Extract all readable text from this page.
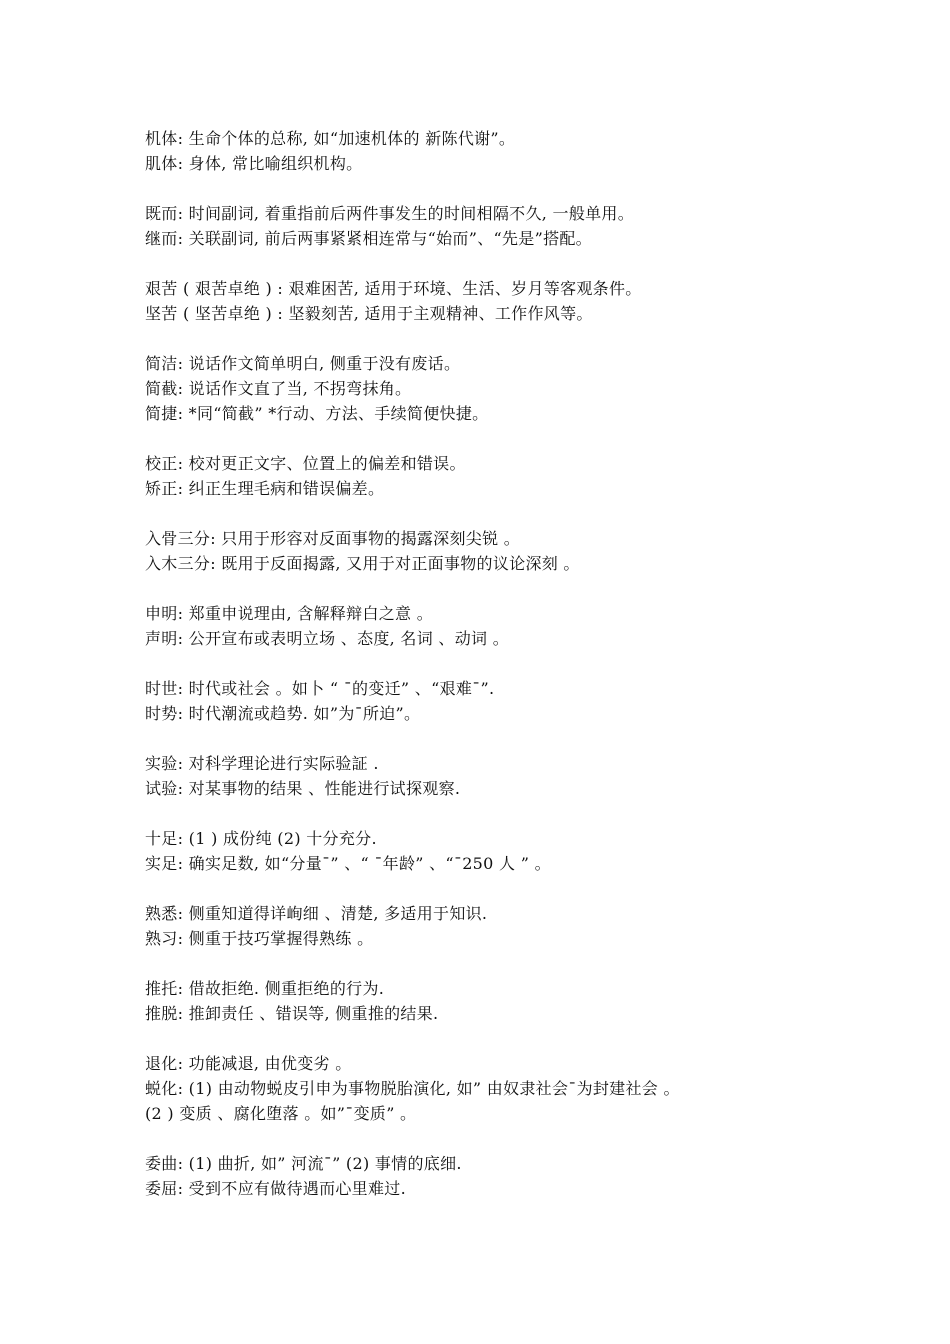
机体: 生命个体的总称, 如“加速机体的 新陈代谢”。
肌体: 身体, 常比喻组织机构。
既而: 时间副词, 着重指前后两件事发生的时间相隔不久, 一般单用。
继而: 关联副词, 前后两事紧紧相连常与“始而”、“先是”搭配。
艰苦 ( 艰苦卓绝 ) : 艰难困苦, 适用于环境、生活、岁月等客观条件。
坚苦 ( 坚苦卓绝 ) : 坚毅刻苦, 适用于主观精神、工作作风等。
简洁: 说话作文简单明白, 侧重于没有废话。
简截: 说话作文直了当, 不拐弯抹角。
简捷: *同“简截” *行动、方法、手续简便快捷。
校正: 校对更正文字、位置上的偏差和错误。
矫正: 纠正生理毛病和错误偏差。
入骨三分: 只用于形容对反面事物的揭露深刻尖锐 。
入木三分: 既用于反面揭露, 又用于对正面事物的议论深刻 。
申明: 郑重申说理由, 含解释辩白之意 。
声明: 公开宣布或表明立场 、态度, 名词 、动词 。
时世: 时代或社会 。如卜 “ ¯的变迁” 、“艰难¯”.
时势: 时代潮流或趋势. 如”为¯所迫”。
实验: 对科学理论进行实际验証 .
试验: 对某事物的结果 、性能进行试探观察.
十足: (1 ) 成份纯 (2) 十分充分.
实足: 确实足数, 如“分量¯” 、“ ¯年龄” 、“¯250 人 ” 。
熟悉: 侧重知道得详峋细 、清楚, 多适用于知识.
熟习: 侧重于技巧掌握得熟练 。
推托: 借故拒绝. 侧重拒绝的行为.
推脱: 推卸责任 、错误等, 侧重推的结果.
退化: 功能减退, 由优变劣 。
蜕化: (1) 由动物蜕皮引申为事物脱胎演化, 如” 由奴隶社会¯为封建社会 。
(2 ) 变质 、腐化堕落 。如”¯变质” 。
委曲: (1) 曲折, 如” 河流¯” (2) 事情的底细.
委屈: 受到不应有做待遇而心里难过.
